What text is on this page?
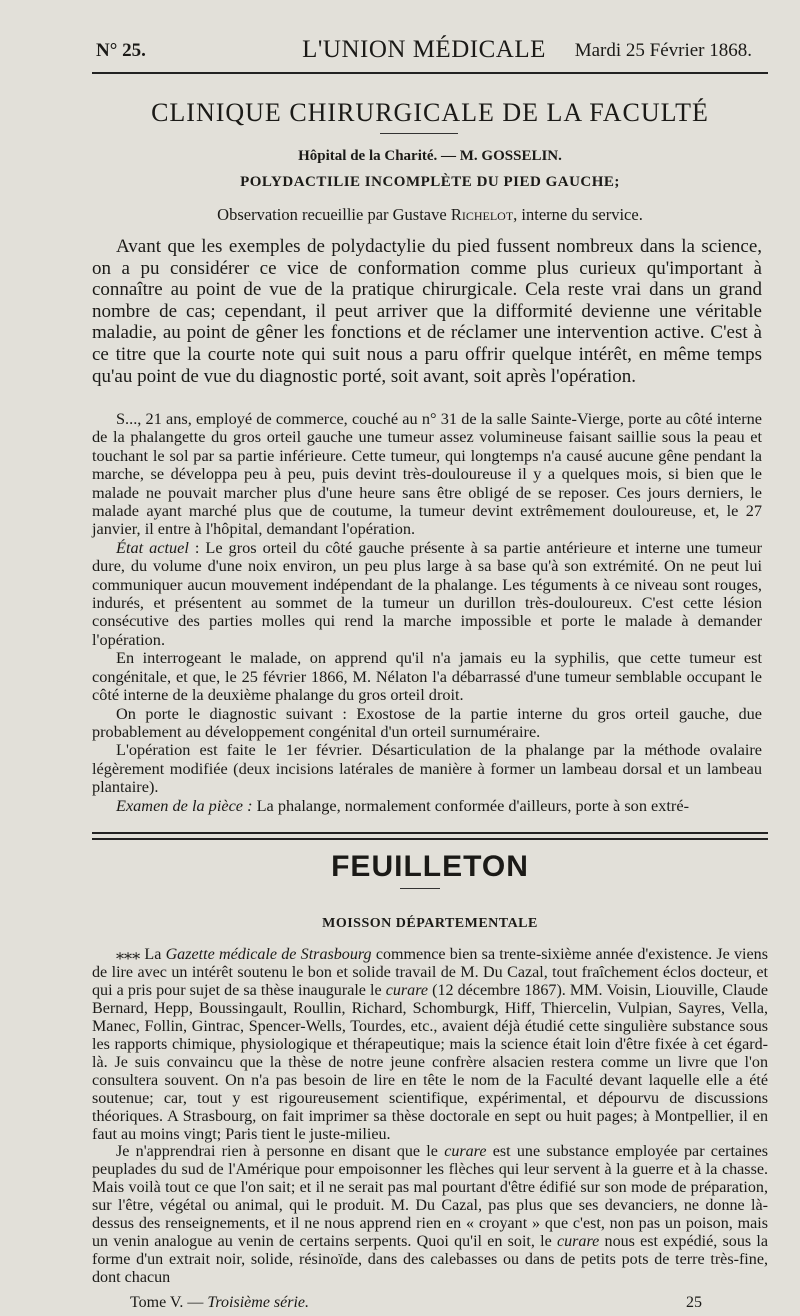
N° 25.	L'UNION MÉDICALE	Mardi 25 Février 1868.
CLINIQUE CHIRURGICALE DE LA FACULTÉ
Hôpital de la Charité. — M. GOSSELIN.
POLYDACTILIE INCOMPLÈTE DU PIED GAUCHE;
Observation recueillie par Gustave Richelot, interne du service.

Avant que les exemples de polydactylie du pied fussent nombreux dans la science, on a pu considérer ce vice de conformation comme plus curieux qu'important à connaître au point de vue de la pratique chirurgicale. Cela reste vrai dans un grand nombre de cas; cependant, il peut arriver que la difformité devienne une véritable maladie, au point de gêner les fonctions et de réclamer une intervention active. C'est à ce titre que la courte note qui suit nous a paru offrir quelque intérêt, en même temps qu'au point de vue du diagnostic porté, soit avant, soit après l'opération.

S..., 21 ans, employé de commerce, couché au n° 31 de la salle Sainte-Vierge, porte au côté interne de la phalangette du gros orteil gauche une tumeur assez volumineuse faisant saillie sous la peau et touchant le sol par sa partie inférieure. Cette tumeur, qui longtemps n'a causé aucune gêne pendant la marche, se développa peu à peu, puis devint très-douloureuse il y a quelques mois, si bien que le malade ne pouvait marcher plus d'une heure sans être obligé de se reposer. Ces jours derniers, le malade ayant marché plus que de coutume, la tumeur devint extrêmement douloureuse, et, le 27 janvier, il entre à l'hôpital, demandant l'opération.

État actuel : Le gros orteil du côté gauche présente à sa partie antérieure et interne une tumeur dure, du volume d'une noix environ, un peu plus large à sa base qu'à son extrémité. On ne peut lui communiquer aucun mouvement indépendant de la phalange. Les téguments à ce niveau sont rouges, indurés, et présentent au sommet de la tumeur un durillon très-douloureux. C'est cette lésion consécutive des parties molles qui rend la marche impossible et porte le malade à demander l'opération.

En interrogeant le malade, on apprend qu'il n'a jamais eu la syphilis, que cette tumeur est congénitale, et que, le 25 février 1866, M. Nélaton l'a débarrassé d'une tumeur semblable occupant le côté interne de la deuxième phalange du gros orteil droit.

On porte le diagnostic suivant : Exostose de la partie interne du gros orteil gauche, due probablement au développement congénital d'un orteil surnuméraire.

L'opération est faite le 1er février. Désarticulation de la phalange par la méthode ovalaire légèrement modifiée (deux incisions latérales de manière à former un lambeau dorsal et un lambeau plantaire).

Examen de la pièce : La phalange, normalement conformée d'ailleurs, porte à son extré-

FEUILLETON
MOISSON DÉPARTEMENTALE

⁎⁎⁎ La Gazette médicale de Strasbourg commence bien sa trente-sixième année d'existence. Je viens de lire avec un intérêt soutenu le bon et solide travail de M. Du Cazal, tout fraîchement éclos docteur, et qui a pris pour sujet de sa thèse inaugurale le curare (12 décembre 1867). MM. Voisin, Liouville, Claude Bernard, Hepp, Boussingault, Roullin, Richard, Schomburgk, Hiff, Thiercelin, Vulpian, Sayres, Vella, Manec, Follin, Gintrac, Spencer-Wells, Tourdes, etc., avaient déjà étudié cette singulière substance sous les rapports chimique, physiologique et thérapeutique; mais la science était loin d'être fixée à cet égard-là. Je suis convaincu que la thèse de notre jeune confrère alsacien restera comme un livre que l'on consultera souvent. On n'a pas besoin de lire en tête le nom de la Faculté devant laquelle elle a été soutenue; car, tout y est rigoureusement scientifique, expérimental, et dépourvu de discussions théoriques. A Strasbourg, on fait imprimer sa thèse doctorale en sept ou huit pages; à Montpellier, il en faut au moins vingt; Paris tient le juste-milieu.

Je n'apprendrai rien à personne en disant que le curare est une substance employée par certaines peuplades du sud de l'Amérique pour empoisonner les flèches qui leur servent à la guerre et à la chasse. Mais voilà tout ce que l'on sait; et il ne serait pas mal pourtant d'être édifié sur son mode de préparation, sur l'être, végétal ou animal, qui le produit. M. Du Cazal, pas plus que ses devanciers, ne donne là-dessus des renseignements, et il ne nous apprend rien en « croyant » que c'est, non pas un poison, mais un venin analogue au venin de certains serpents. Quoi qu'il en soit, le curare nous est expédié, sous la forme d'un extrait noir, solide, résinoïde, dans des calebasses ou dans de petits pots de terre très-fine, dont chacun

Tome V. — Troisième série.	25
